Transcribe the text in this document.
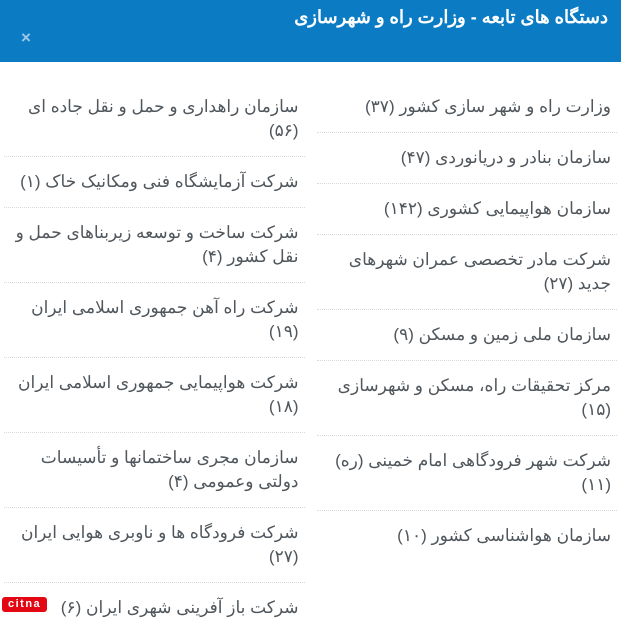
دستگاه های تابعه - وزارت راه و شهرسازی
×
وزارت راه و شهر سازی کشور (۳۷)
سازمان بنادر و دریانوردی (۴۷)
سازمان هواپیمایی کشوری (۱۴۲)
شرکت مادر تخصصی عمران شهرهای جدید (۲۷)
سازمان ملی زمین و مسکن (۹)
مرکز تحقیقات راه، مسکن و شهرسازی (۱۵)
شرکت شهر فرودگاهی امام خمینی (ره) (۱۱)
سازمان هواشناسی کشور (۱۰)
سازمان راهداری و حمل و نقل جاده ای (۵۶)
شرکت آزمایشگاه فنی ومکانیک خاک (۱)
شرکت ساخت و توسعه زیربناهای حمل و نقل کشور (۴)
شرکت راه آهن جمهوری اسلامی ایران (۱۹)
شرکت هواپیمایی جمهوری اسلامی ایران (۱۸)
سازمان مجری ساختمانها و تأسیسات دولتی وعمومی (۴)
شرکت فرودگاه ها و ناوبری هوایی ایران (۲۷)
شرکت باز آفرینی شهری ایران (۶)
citna
